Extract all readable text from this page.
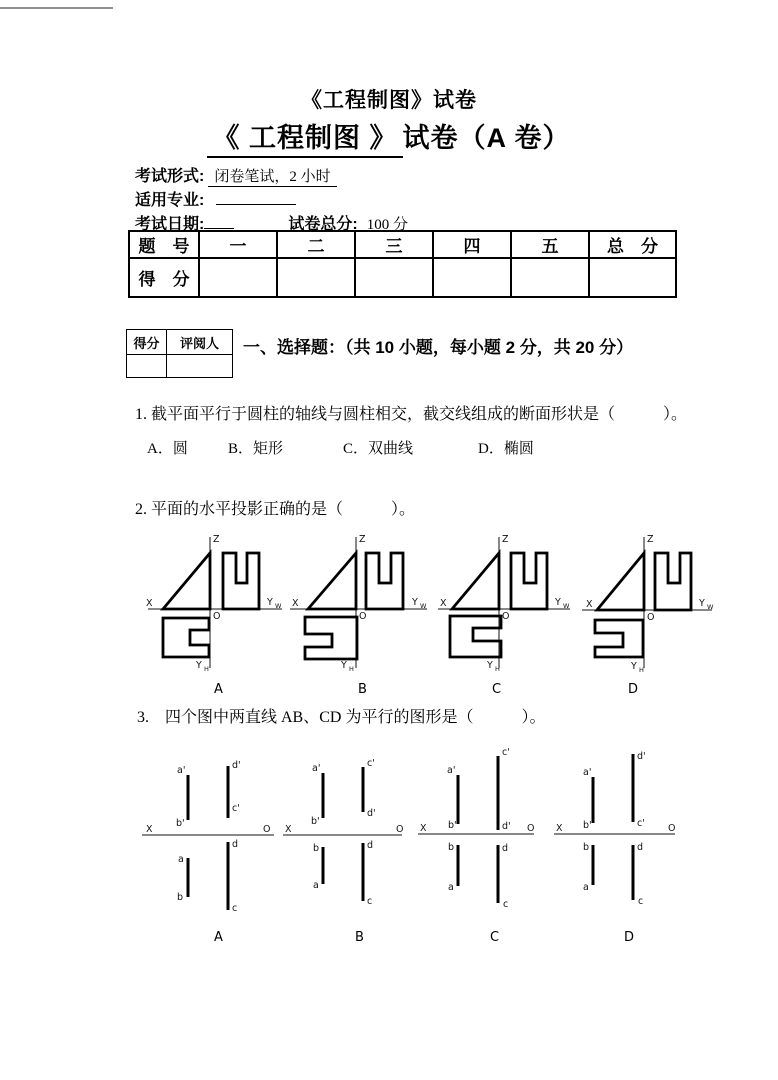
《工程制图》试卷
《 工程制图 》 试卷（A 卷）
考试形式: 闭卷笔试，2 小时
适用专业:
考试日期:	试卷总分: 100 分
题　号	一	二	三	四	五	总　分
得　分						
得分	评阅人
	一、选择题：（共 10 小题，每小题 2 分，共 20 分）
1. 截平面平行于圆柱的轴线与圆柱相交，截交线组成的断面形状是（　　　）。
A．圆	B．矩形	C．双曲线	D．椭圆
2. 平面的水平投影正确的是（　　　）。
Z
X	Y W
O
Y H
A
Z
X	Y W
O
Y H
B
Z
X	Y W
O
Y H
C
Z
X	Y W
O
Y H
D
3.　四个图中两直线 AB、CD 为平行的图形是（　　　）。
X	O
a'
b'
d'
c'
a
b
d
c
A
X	O
a'
b'
c'
d'
b
a
d
c
B
X	O
a'
b'
c'
d'
b
a
d
c
C
X	O
a'
b'
d'
c'
b
a
d
c
D
